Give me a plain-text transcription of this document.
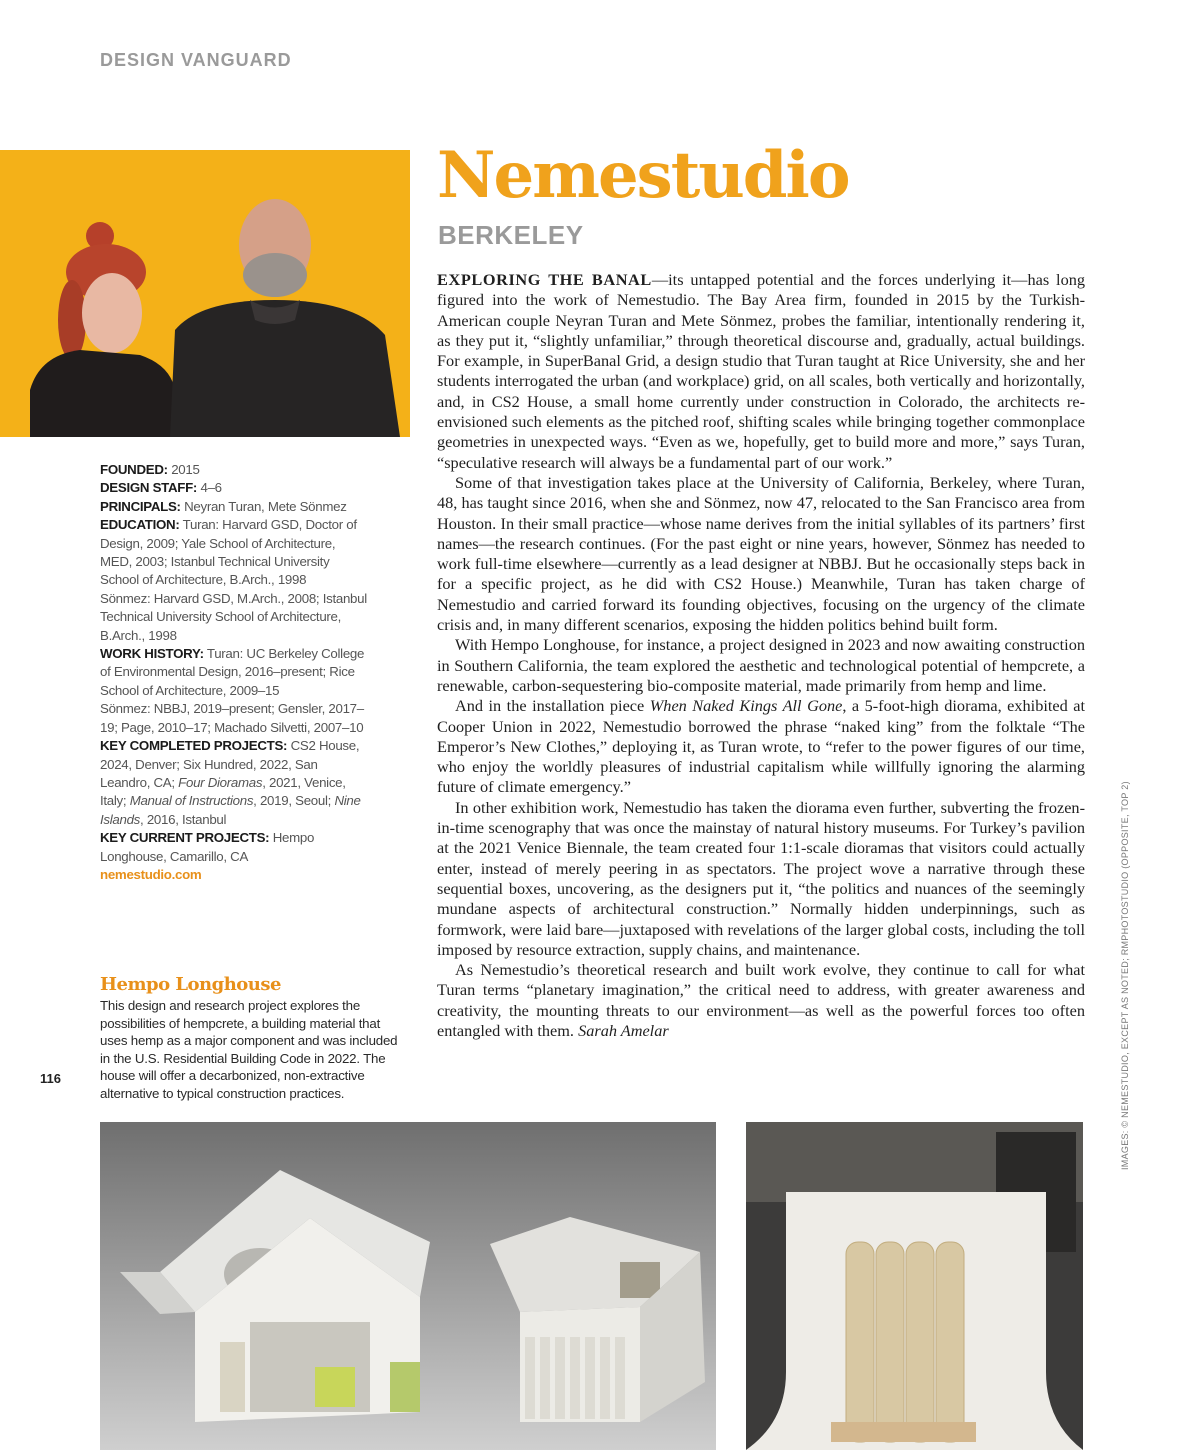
DESIGN VANGUARD
Nemestudio
BERKELEY

EXPLORING THE BANAL—its untapped potential and the forces underlying it—has long figured into the work of Nemestudio. The Bay Area firm, founded in 2015 by the Turkish-American couple Neyran Turan and Mete Sönmez, probes the familiar, intentionally rendering it, as they put it, “slightly unfamiliar,” through theoretical discourse and, gradually, actual buildings. For example, in SuperBanal Grid, a design studio that Turan taught at Rice University, she and her students interrogated the urban (and workplace) grid, on all scales, both vertically and horizontally, and, in CS2 House, a small home currently under construction in Colorado, the architects re-envisioned such elements as the pitched roof, shifting scales while bringing together commonplace geometries in unexpected ways. “Even as we, hopefully, get to build more and more,” says Turan, “speculative research will always be a fundamental part of our work.”

Some of that investigation takes place at the University of California, Berkeley, where Turan, 48, has taught since 2016, when she and Sönmez, now 47, relocated to the San Francisco area from Houston. In their small practice—whose name derives from the initial syllables of its partners’ first names—the research continues. (For the past eight or nine years, however, Sönmez has needed to work full-time elsewhere—currently as a lead designer at NBBJ. But he occasionally steps back in for a specific project, as he did with CS2 House.) Meanwhile, Turan has taken charge of Nemestudio and carried forward its founding objectives, focusing on the urgency of the climate crisis and, in many different scenarios, exposing the hidden politics behind built form.

With Hempo Longhouse, for instance, a project designed in 2023 and now awaiting construction in Southern California, the team explored the aesthetic and technological potential of hempcrete, a renewable, carbon-sequestering bio-composite material, made primarily from hemp and lime.

And in the installation piece When Naked Kings All Gone, a 5-foot-high diorama, exhibited at Cooper Union in 2022, Nemestudio borrowed the phrase “naked king” from the folktale “The Emperor’s New Clothes,” deploying it, as Turan wrote, to “refer to the power figures of our time, who enjoy the worldly pleasures of industrial capitalism while willfully ignoring the alarming future of climate emergency.”

In other exhibition work, Nemestudio has taken the diorama even further, subverting the frozen-in-time scenography that was once the mainstay of natural history museums. For Turkey’s pavilion at the 2021 Venice Biennale, the team created four 1:1-scale dioramas that visitors could actually enter, instead of merely peering in as spectators. The project wove a narrative through these sequential boxes, uncovering, as the designers put it, “the politics and nuances of the seemingly mundane aspects of architectural construction.” Normally hidden underpinnings, such as formwork, were laid bare—juxtaposed with revelations of the larger global costs, including the toll imposed by resource extraction, supply chains, and maintenance.

As Nemestudio’s theoretical research and built work evolve, they continue to call for what Turan terms “planetary imagination,” the critical need to address, with greater awareness and creativity, the mounting threats to our environment—as well as the powerful forces too often entangled with them. Sarah Amelar

FOUNDED: 2015
DESIGN STAFF: 4–6
PRINCIPALS: Neyran Turan, Mete Sönmez
EDUCATION: Turan: Harvard GSD, Doctor of Design, 2009; Yale School of Architecture, MED, 2003; Istanbul Technical University School of Architecture, B.Arch., 1998
Sönmez: Harvard GSD, M.Arch., 2008; Istanbul Technical University School of Architecture, B.Arch., 1998
WORK HISTORY: Turan: UC Berkeley College of Environmental Design, 2016–present; Rice School of Architecture, 2009–15
Sönmez: NBBJ, 2019–present; Gensler, 2017–19; Page, 2010–17; Machado Silvetti, 2007–10
KEY COMPLETED PROJECTS: CS2 House, 2024, Denver; Six Hundred, 2022, San Leandro, CA; Four Dioramas, 2021, Venice, Italy; Manual of Instructions, 2019, Seoul; Nine Islands, 2016, Istanbul
KEY CURRENT PROJECTS: Hempo Longhouse, Camarillo, CA
nemestudio.com
Hempo Longhouse
This design and research project explores the possibilities of hempcrete, a building material that uses hemp as a major component and was included in the U.S. Residential Building Code in 2022. The house will offer a decarbonized, non-extractive alternative to typical construction practices.	IMAGES: © NEMESTUDIO, EXCEPT AS NOTED; RMPHOTOSTUDIO (OPPOSITE, TOP 2)
116
